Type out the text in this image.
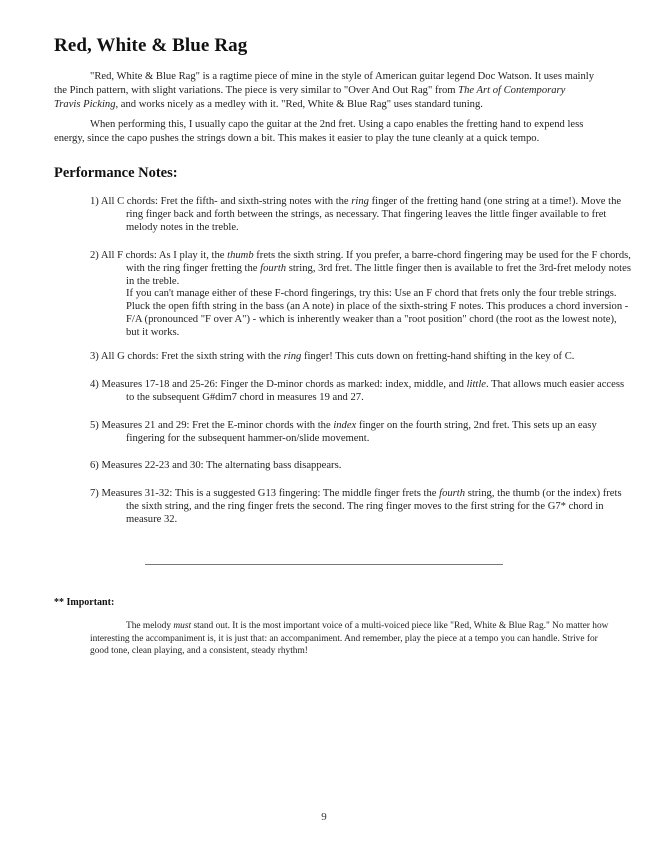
Red, White & Blue Rag

"Red, White & Blue Rag" is a ragtime piece of mine in the style of American guitar legend Doc Watson. It uses mainly the Pinch pattern, with slight variations. The piece is very similar to "Over And Out Rag" from The Art of Contemporary Travis Picking, and works nicely as a medley with it. "Red, White & Blue Rag" uses standard tuning.

When performing this, I usually capo the guitar at the 2nd fret. Using a capo enables the fretting hand to expend less energy, since the capo pushes the strings down a bit. This makes it easier to play the tune cleanly at a quick tempo.

Performance Notes:

1) All C chords: Fret the fifth- and sixth-string notes with the ring finger of the fretting hand (one string at a time!). Move the ring finger back and forth between the strings, as necessary. That fingering leaves the little finger available to fret melody notes in the treble.

2) All F chords: As I play it, the thumb frets the sixth string. If you prefer, a barre-chord fingering may be used for the F chords, with the ring finger fretting the fourth string, 3rd fret. The little finger then is available to fret the 3rd-fret melody notes in the treble.
If you can't manage either of these F-chord fingerings, try this: Use an F chord that frets only the four treble strings. Pluck the open fifth string in the bass (an A note) in place of the sixth-string F notes. This produces a chord inversion - F/A (pronounced "F over A") - which is inherently weaker than a "root position" chord (the root as the lowest note), but it works.

3) All G chords: Fret the sixth string with the ring finger! This cuts down on fretting-hand shifting in the key of C.

4) Measures 17-18 and 25-26: Finger the D-minor chords as marked: index, middle, and little. That allows much easier access to the subsequent G#dim7 chord in measures 19 and 27.

5) Measures 21 and 29: Fret the E-minor chords with the index finger on the fourth string, 2nd fret. This sets up an easy fingering for the subsequent hammer-on/slide movement.

6) Measures 22-23 and 30: The alternating bass disappears.

7) Measures 31-32: This is a suggested G13 fingering: The middle finger frets the fourth string, the thumb (or the index) frets the sixth string, and the ring finger frets the second. The ring finger moves to the first string for the G7* chord in measure 32.

** Important:

The melody must stand out. It is the most important voice of a multi-voiced piece like "Red, White & Blue Rag." No matter how interesting the accompaniment is, it is just that: an accompaniment. And remember, play the piece at a tempo you can handle. Strive for good tone, clean playing, and a consistent, steady rhythm!

9
